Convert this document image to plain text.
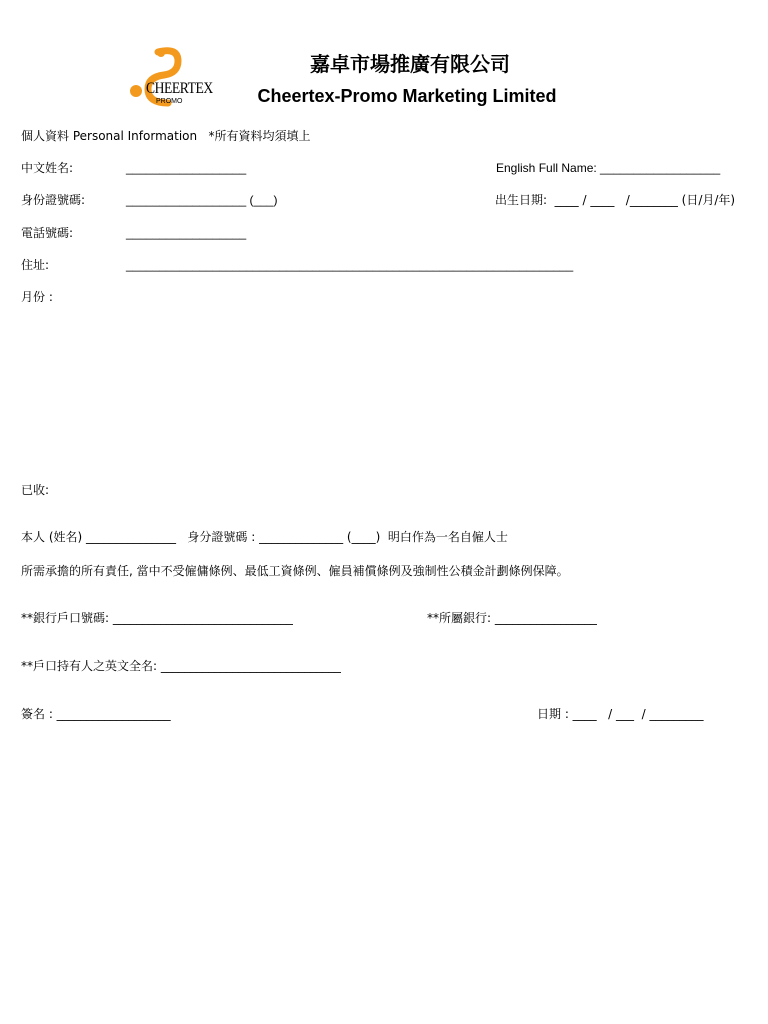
CHEERTEX
PROMO
嘉卓市場推廣有限公司
Cheertex-Promo Marketing Limited
個人資料 Personal Information   *所有資料均須填上
中文姓名:	__________________	English Full Name: __________________
身份證號碼:	__________________ (___)	出生日期:  ____ / ____   /________ (日/月/年)
電話號碼:	__________________
住址:	___________________________________________________________________
月份 :
已收:
本人 (姓名) _______________   身分證號碼 : ______________ (____)  明白作為一名自僱人士
所需承擔的所有責任, 當中不受僱傭條例、最低工資條例、僱員補償條例及強制性公積金計劃條例保障。
**銀行戶口號碼: ______________________________	**所屬銀行: _________________
**戶口持有人之英文全名: ______________________________
簽名 : ___________________	日期 : ____   / ___  / _________
